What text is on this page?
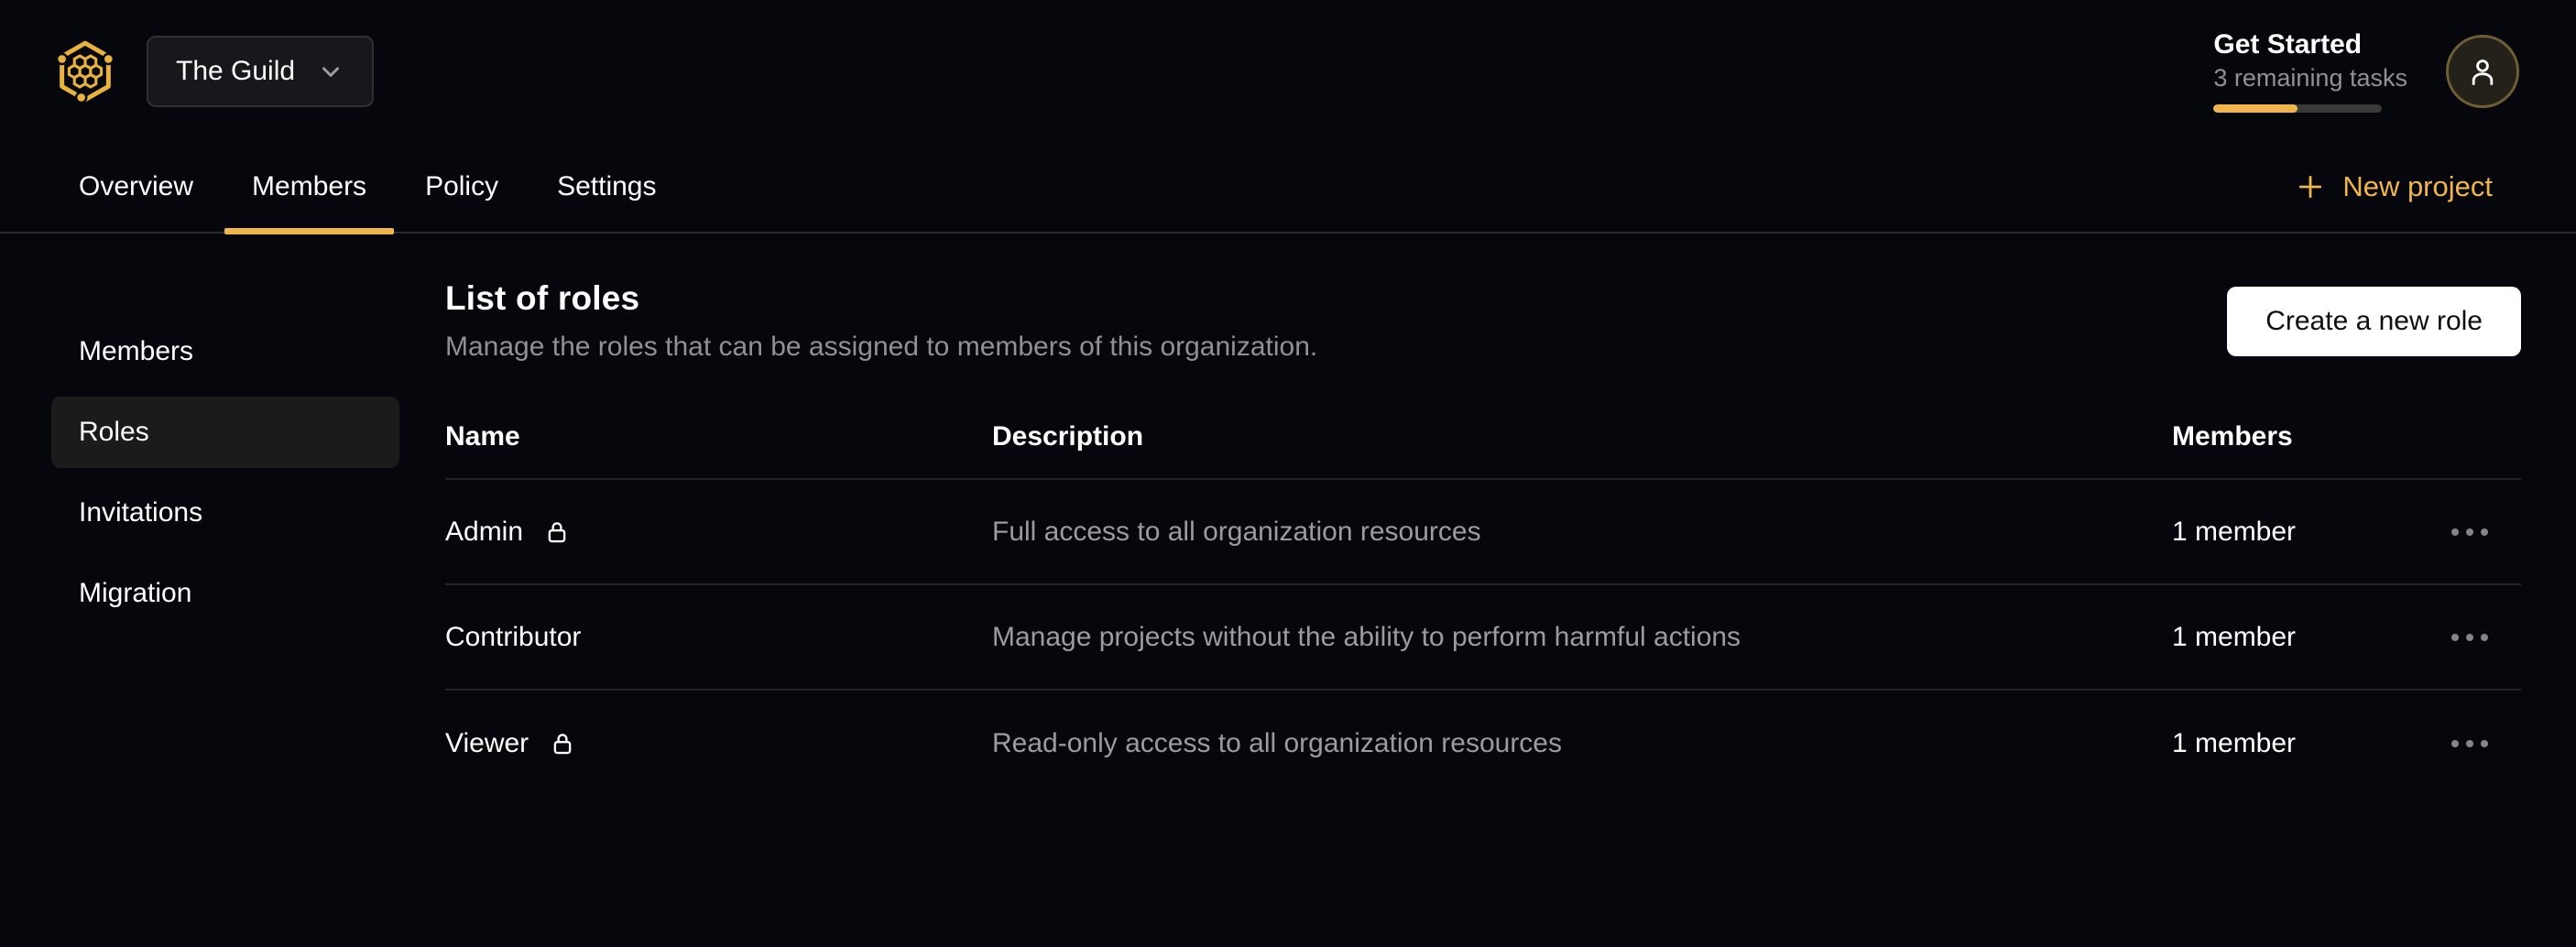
The Guild
Get Started
3 remaining tasks
Overview	Members	Policy	Settings	New project
Members
Roles
Invitations
Migration
List of roles
Manage the roles that can be assigned to members of this organization.
Create a new role
Name	Description	Members
Admin	Full access to all organization resources	1 member
Contributor	Manage projects without the ability to perform harmful actions	1 member
Viewer	Read-only access to all organization resources	1 member
